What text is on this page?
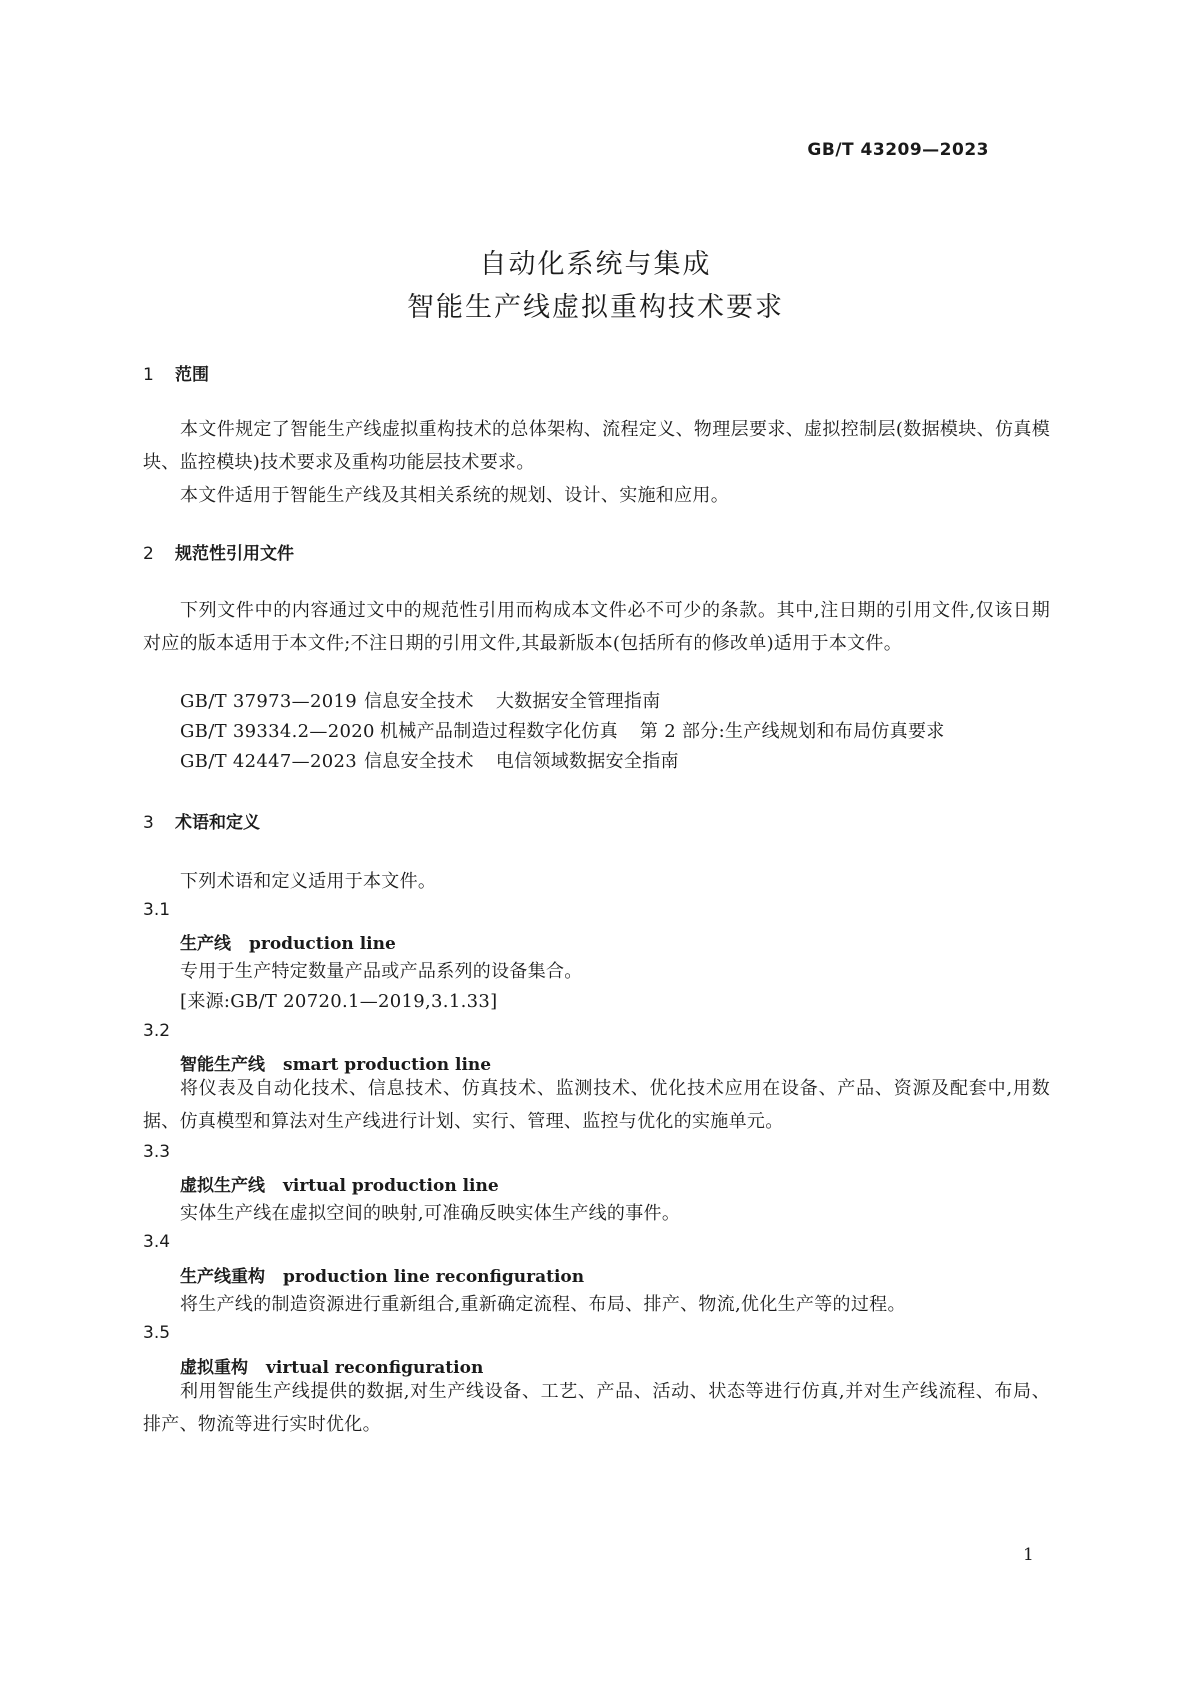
GB/T 43209—2023
自动化系统与集成
智能生产线虚拟重构技术要求
1 范围
本文件规定了智能生产线虚拟重构技术的总体架构、流程定义、物理层要求、虚拟控制层(数据模块、仿真模块、监控模块)技术要求及重构功能层技术要求。
本文件适用于智能生产线及其相关系统的规划、设计、实施和应用。
2 规范性引用文件
下列文件中的内容通过文中的规范性引用而构成本文件必不可少的条款。其中,注日期的引用文件,仅该日期对应的版本适用于本文件;不注日期的引用文件,其最新版本(包括所有的修改单)适用于本文件。
GB/T 37973—2019 信息安全技术 大数据安全管理指南
GB/T 39334.2—2020 机械产品制造过程数字化仿真 第 2 部分:生产线规划和布局仿真要求
GB/T 42447—2023 信息安全技术 电信领域数据安全指南
3 术语和定义
下列术语和定义适用于本文件。
3.1
生产线 production line
专用于生产特定数量产品或产品系列的设备集合。
[来源:GB/T 20720.1—2019,3.1.33]
3.2
智能生产线 smart production line
将仪表及自动化技术、信息技术、仿真技术、监测技术、优化技术应用在设备、产品、资源及配套中,用数据、仿真模型和算法对生产线进行计划、实行、管理、监控与优化的实施单元。
3.3
虚拟生产线 virtual production line
实体生产线在虚拟空间的映射,可准确反映实体生产线的事件。
3.4
生产线重构 production line reconfiguration
将生产线的制造资源进行重新组合,重新确定流程、布局、排产、物流,优化生产等的过程。
3.5
虚拟重构 virtual reconfiguration
利用智能生产线提供的数据,对生产线设备、工艺、产品、活动、状态等进行仿真,并对生产线流程、布局、排产、物流等进行实时优化。
1
